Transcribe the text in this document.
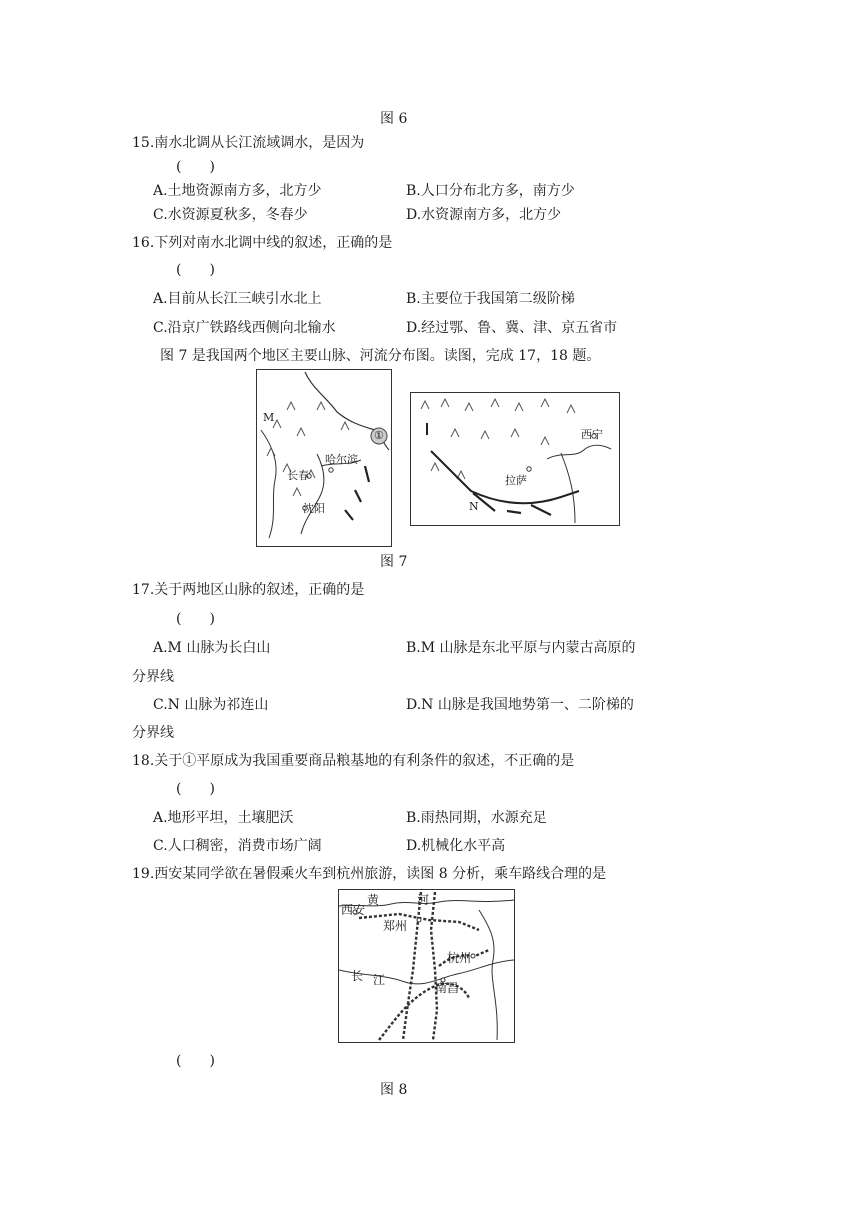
图 6
15.南水北调从长江流域调水，是因为
(　　)
A.土地资源南方多，北方少	B.人口分布北方多，南方少
C.水资源夏秋多，冬春少	D.水资源南方多，北方少
16.下列对南水北调中线的叙述，正确的是
(　　)
A.目前从长江三峡引水北上	B.主要位于我国第二级阶梯
C.沿京广铁路线西侧向北输水	D.经过鄂、鲁、冀、津、京五省市
图 7 是我国两个地区主要山脉、河流分布图。读图，完成 17，18 题。
M
①
哈尔滨
长春
沈阳
西宁
拉萨
N
图 7
17.关于两地区山脉的叙述，正确的是
(　　)
A.M 山脉为长白山	B.M 山脉是东北平原与内蒙古高原的
分界线
C.N 山脉为祁连山	D.N 山脉是我国地势第一、二阶梯的
分界线
18.关于①平原成为我国重要商品粮基地的有利条件的叙述，不正确的是
(　　)
A.地形平坦，土壤肥沃	B.雨热同期，水源充足
C.人口稠密，消费市场广阔	D.机械化水平高
19.西安某同学欲在暑假乘火车到杭州旅游，读图 8 分析，乘车路线合理的是
黄	河
西安
郑州
杭州
长 江
南昌
(　　)
图 8
